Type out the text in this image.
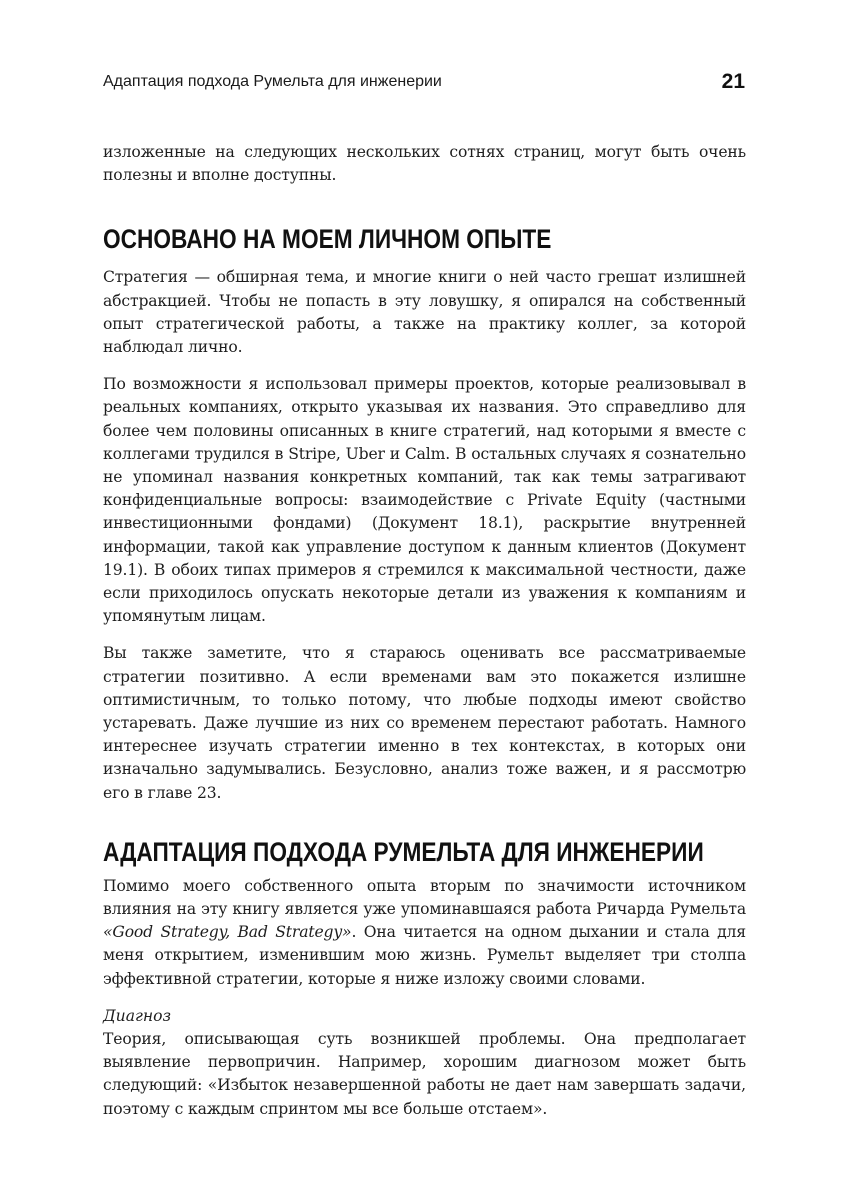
Адаптация подхода Румельта для инженерии	21

изложенные на следующих нескольких сотнях страниц, могут быть очень полезны и вполне доступны.

ОСНОВАНО НА МОЕМ ЛИЧНОМ ОПЫТЕ

Стратегия — обширная тема, и многие книги о ней часто грешат излишней абстракцией. Чтобы не попасть в эту ловушку, я опирался на собственный опыт стратегической работы, а также на практику коллег, за которой наблюдал лично.

По возможности я использовал примеры проектов, которые реализовывал в реальных компаниях, открыто указывая их названия. Это справедливо для более чем половины описанных в книге стратегий, над которыми я вместе с коллегами трудился в Stripe, Uber и Calm. В остальных случаях я сознательно не упоминал названия конкретных компаний, так как темы затрагивают конфиденциальные вопросы: взаимодействие с Private Equity (частными инвестиционными фондами) (Документ 18.1), раскрытие внутренней информации, такой как управление доступом к данным клиентов (Документ 19.1). В обоих типах примеров я стремился к максимальной честности, даже если приходилось опускать некоторые детали из уважения к компаниям и упомянутым лицам.

Вы также заметите, что я стараюсь оценивать все рассматриваемые стратегии позитивно. А если временами вам это покажется излишне оптимистичным, то только потому, что любые подходы имеют свойство устаревать. Даже лучшие из них со временем перестают работать. Намного интереснее изучать стратегии именно в тех контекстах, в которых они изначально задумывались. Безусловно, анализ тоже важен, и я рассмотрю его в главе 23.

АДАПТАЦИЯ ПОДХОДА РУМЕЛЬТА ДЛЯ ИНЖЕНЕРИИ

Помимо моего собственного опыта вторым по значимости источником влияния на эту книгу является уже упоминавшаяся работа Ричарда Румельта «Good Strategy, Bad Strategy». Она читается на одном дыхании и стала для меня открытием, изменившим мою жизнь. Румельт выделяет три столпа эффективной стратегии, которые я ниже изложу своими словами.

Диагноз

Теория, описывающая суть возникшей проблемы. Она предполагает выявление первопричин. Например, хорошим диагнозом может быть следующий: «Избыток незавершенной работы не дает нам завершать задачи, поэтому с каждым спринтом мы все больше отстаем».
